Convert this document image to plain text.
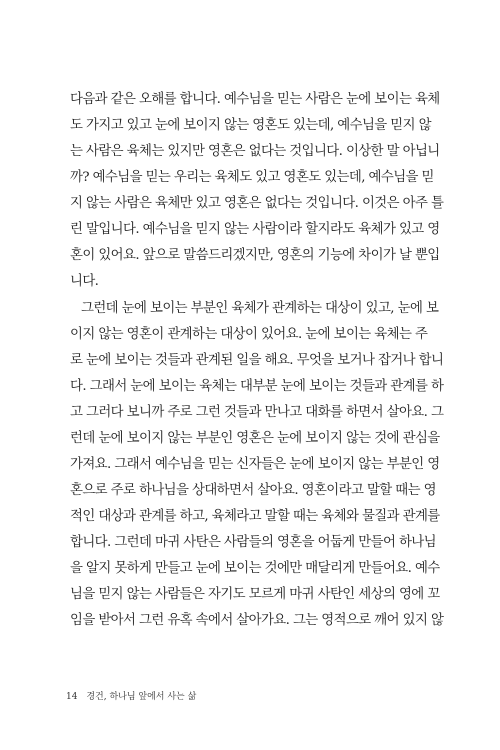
다음과 같은 오해를 합니다. 예수님을 믿는 사람은 눈에 보이는 육체
도 가지고 있고 눈에 보이지 않는 영혼도 있는데, 예수님을 믿지 않
는 사람은 육체는 있지만 영혼은 없다는 것입니다. 이상한 말 아닙니
까? 예수님을 믿는 우리는 육체도 있고 영혼도 있는데, 예수님을 믿
지 않는 사람은 육체만 있고 영혼은 없다는 것입니다. 이것은 아주 틀
린 말입니다. 예수님을 믿지 않는 사람이라 할지라도 육체가 있고 영
혼이 있어요. 앞으로 말씀드리겠지만, 영혼의 기능에 차이가 날 뿐입
니다.
그런데 눈에 보이는 부분인 육체가 관계하는 대상이 있고, 눈에 보
이지 않는 영혼이 관계하는 대상이 있어요. 눈에 보이는 육체는 주
로 눈에 보이는 것들과 관계된 일을 해요. 무엇을 보거나 잡거나 합니
다. 그래서 눈에 보이는 육체는 대부분 눈에 보이는 것들과 관계를 하
고 그러다 보니까 주로 그런 것들과 만나고 대화를 하면서 살아요. 그
런데 눈에 보이지 않는 부분인 영혼은 눈에 보이지 않는 것에 관심을
가져요. 그래서 예수님을 믿는 신자들은 눈에 보이지 않는 부분인 영
혼으로 주로 하나님을 상대하면서 살아요. 영혼이라고 말할 때는 영
적인 대상과 관계를 하고, 육체라고 말할 때는 육체와 물질과 관계를
합니다. 그런데 마귀 사탄은 사람들의 영혼을 어둡게 만들어 하나님
을 알지 못하게 만들고 눈에 보이는 것에만 매달리게 만들어요. 예수
님을 믿지 않는 사람들은 자기도 모르게 마귀 사탄인 세상의 영에 꼬
임을 받아서 그런 유혹 속에서 살아가요. 그는 영적으로 깨어 있지 않
14 경건, 하나님 앞에서 사는 삶
